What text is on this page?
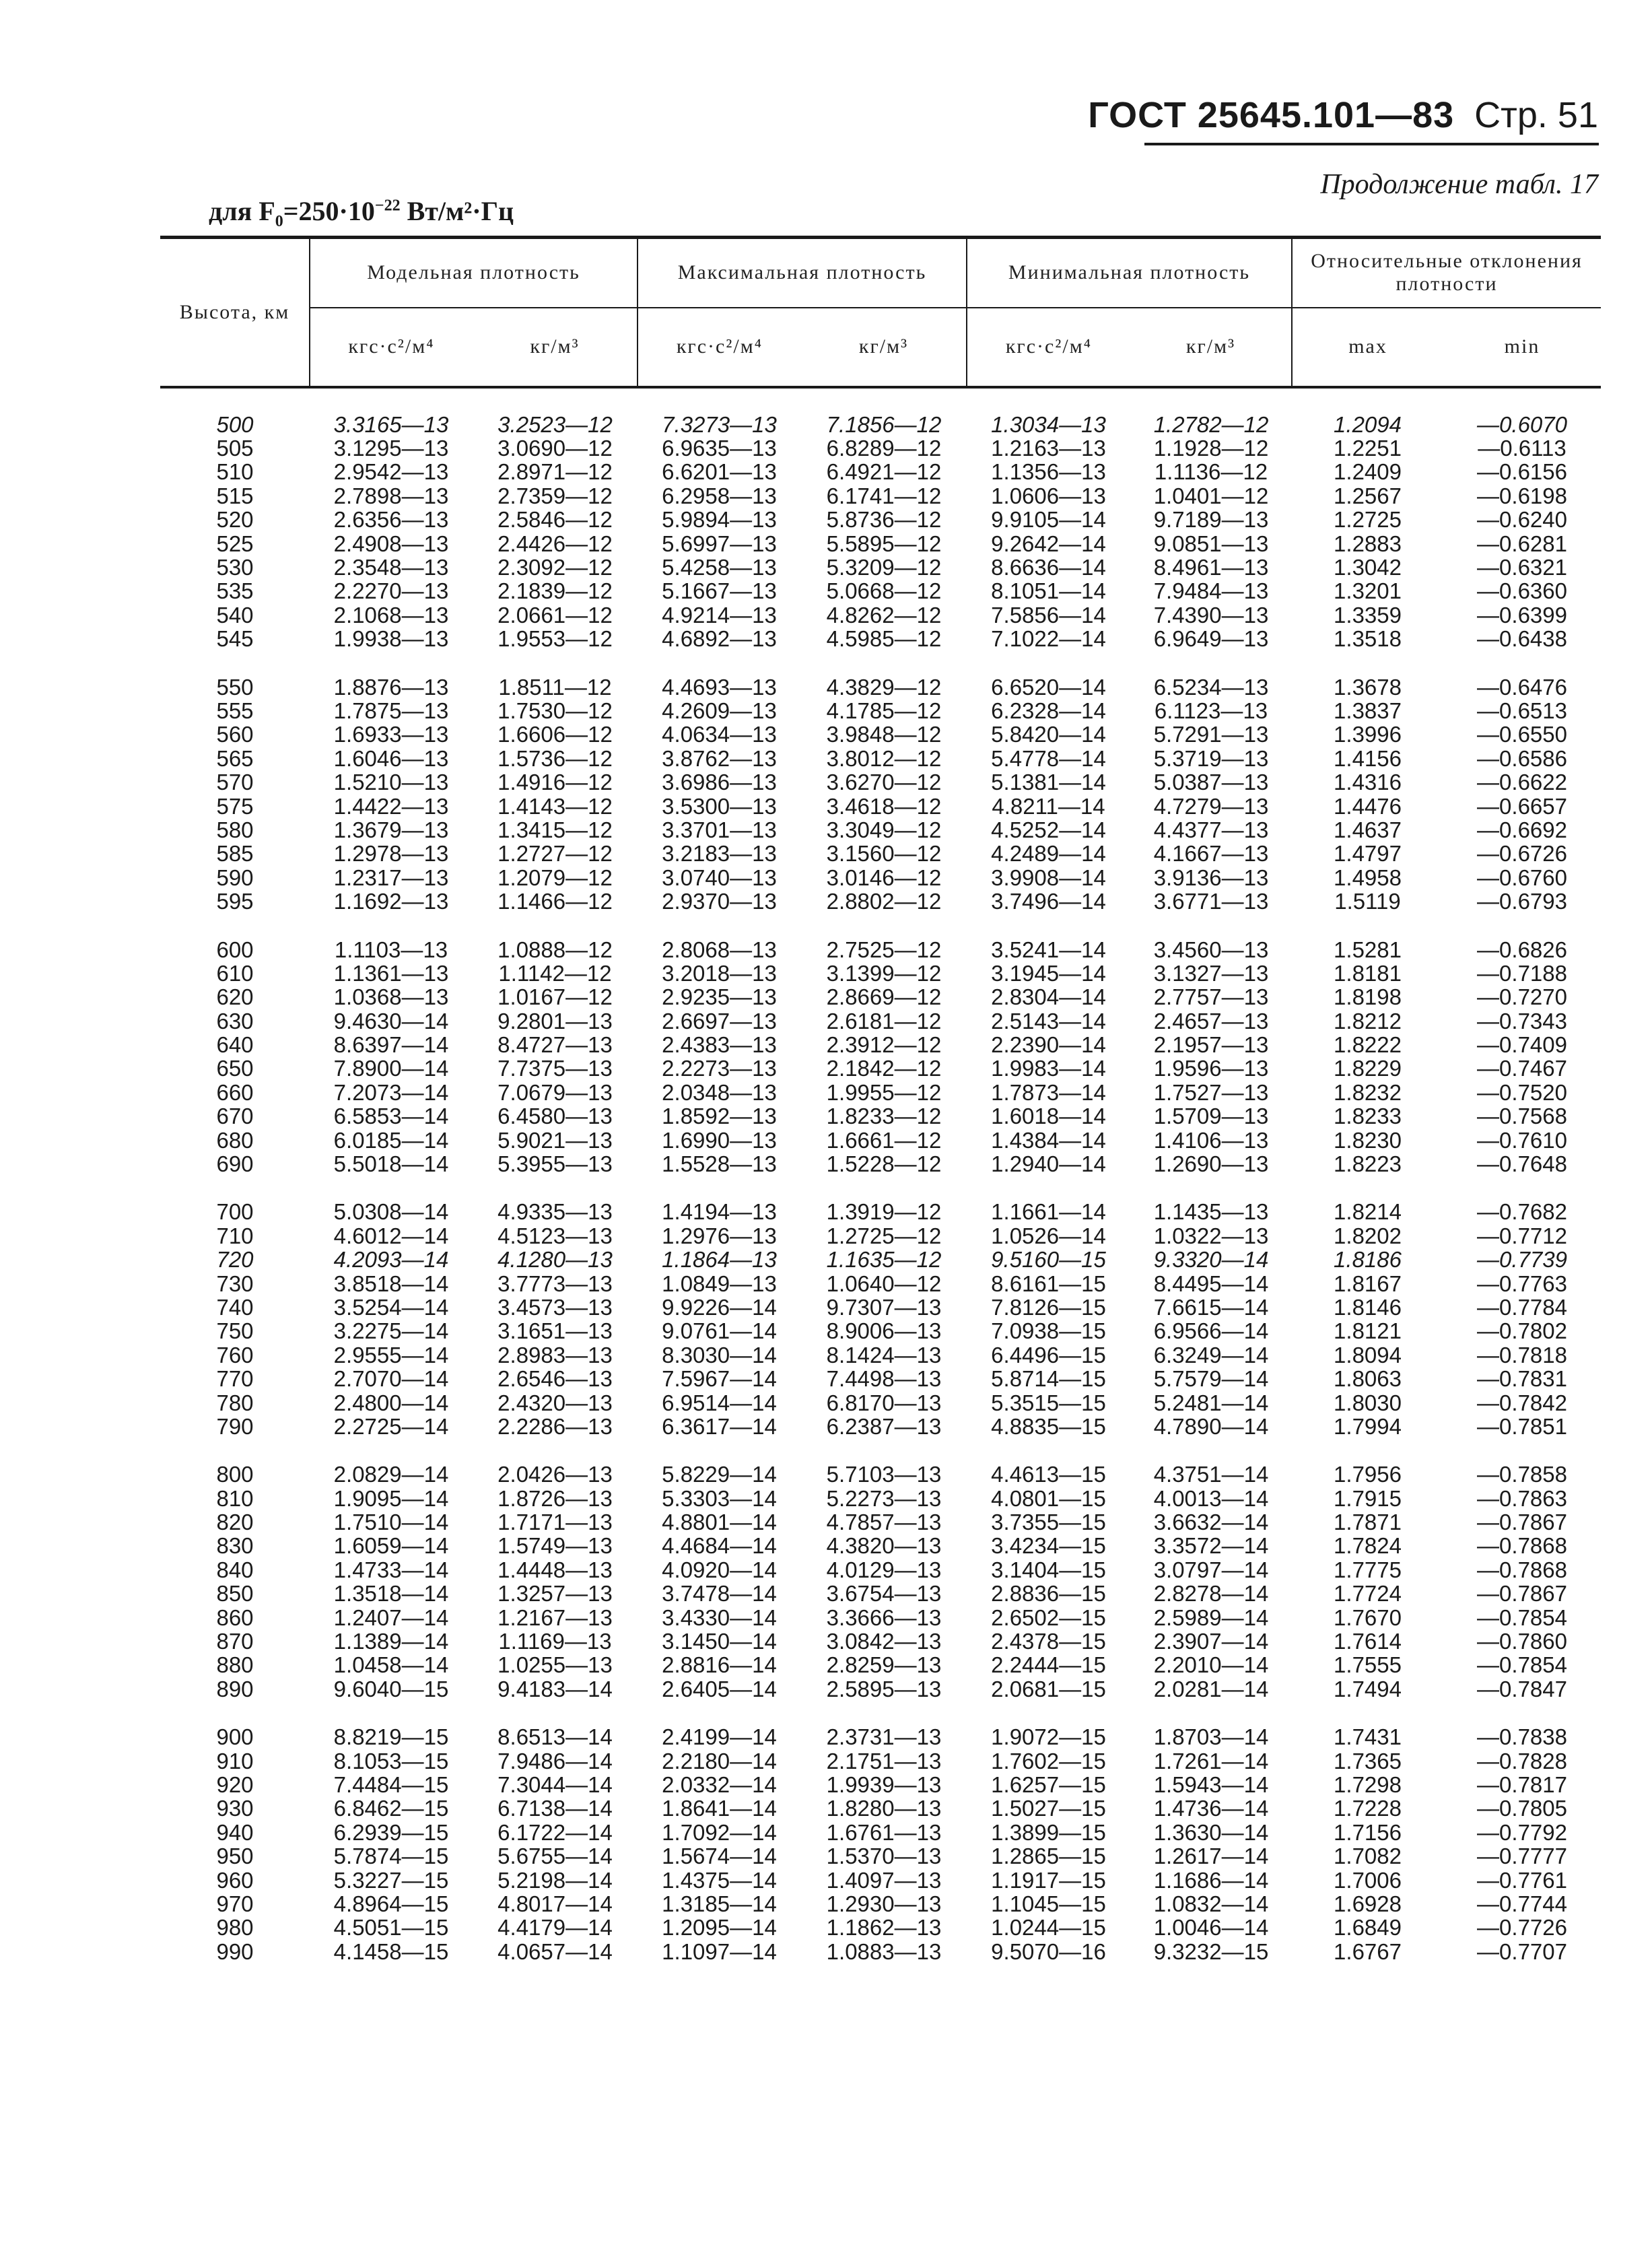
ГОСТ 25645.101—83 Стр. 51
Продолжение табл. 17
для $F_0=250\cdot 10^{-22}$ Вт/м²·Гц
Высота, км	Модельная плотность		Максимальная плотность		Минимальная плотность		Относительные отклонения плотности	
	кгс·с²/м⁴	кг/м³	кгс·с²/м⁴	кг/м³	кгс·с²/м⁴	кг/м³	max	min

500	3.3165—13	3.2523—12	7.3273—13	7.1856—12	1.3034—13	1.2782—12	1.2094	—0.6070
505	3.1295—13	3.0690—12	6.9635—13	6.8289—12	1.2163—13	1.1928—12	1.2251	—0.6113
510	2.9542—13	2.8971—12	6.6201—13	6.4921—12	1.1356—13	1.1136—12	1.2409	—0.6156
515	2.7898—13	2.7359—12	6.2958—13	6.1741—12	1.0606—13	1.0401—12	1.2567	—0.6198
520	2.6356—13	2.5846—12	5.9894—13	5.8736—12	9.9105—14	9.7189—13	1.2725	—0.6240
525	2.4908—13	2.4426—12	5.6997—13	5.5895—12	9.2642—14	9.0851—13	1.2883	—0.6281
530	2.3548—13	2.3092—12	5.4258—13	5.3209—12	8.6636—14	8.4961—13	1.3042	—0.6321
535	2.2270—13	2.1839—12	5.1667—13	5.0668—12	8.1051—14	7.9484—13	1.3201	—0.6360
540	2.1068—13	2.0661—12	4.9214—13	4.8262—12	7.5856—14	7.4390—13	1.3359	—0.6399
545	1.9938—13	1.9553—12	4.6892—13	4.5985—12	7.1022—14	6.9649—13	1.3518	—0.6438

550	1.8876—13	1.8511—12	4.4693—13	4.3829—12	6.6520—14	6.5234—13	1.3678	—0.6476
555	1.7875—13	1.7530—12	4.2609—13	4.1785—12	6.2328—14	6.1123—13	1.3837	—0.6513
560	1.6933—13	1.6606—12	4.0634—13	3.9848—12	5.8420—14	5.7291—13	1.3996	—0.6550
565	1.6046—13	1.5736—12	3.8762—13	3.8012—12	5.4778—14	5.3719—13	1.4156	—0.6586
570	1.5210—13	1.4916—12	3.6986—13	3.6270—12	5.1381—14	5.0387—13	1.4316	—0.6622
575	1.4422—13	1.4143—12	3.5300—13	3.4618—12	4.8211—14	4.7279—13	1.4476	—0.6657
580	1.3679—13	1.3415—12	3.3701—13	3.3049—12	4.5252—14	4.4377—13	1.4637	—0.6692
585	1.2978—13	1.2727—12	3.2183—13	3.1560—12	4.2489—14	4.1667—13	1.4797	—0.6726
590	1.2317—13	1.2079—12	3.0740—13	3.0146—12	3.9908—14	3.9136—13	1.4958	—0.6760
595	1.1692—13	1.1466—12	2.9370—13	2.8802—12	3.7496—14	3.6771—13	1.5119	—0.6793

600	1.1103—13	1.0888—12	2.8068—13	2.7525—12	3.5241—14	3.4560—13	1.5281	—0.6826
610	1.1361—13	1.1142—12	3.2018—13	3.1399—12	3.1945—14	3.1327—13	1.8181	—0.7188
620	1.0368—13	1.0167—12	2.9235—13	2.8669—12	2.8304—14	2.7757—13	1.8198	—0.7270
630	9.4630—14	9.2801—13	2.6697—13	2.6181—12	2.5143—14	2.4657—13	1.8212	—0.7343
640	8.6397—14	8.4727—13	2.4383—13	2.3912—12	2.2390—14	2.1957—13	1.8222	—0.7409
650	7.8900—14	7.7375—13	2.2273—13	2.1842—12	1.9983—14	1.9596—13	1.8229	—0.7467
660	7.2073—14	7.0679—13	2.0348—13	1.9955—12	1.7873—14	1.7527—13	1.8232	—0.7520
670	6.5853—14	6.4580—13	1.8592—13	1.8233—12	1.6018—14	1.5709—13	1.8233	—0.7568
680	6.0185—14	5.9021—13	1.6990—13	1.6661—12	1.4384—14	1.4106—13	1.8230	—0.7610
690	5.5018—14	5.3955—13	1.5528—13	1.5228—12	1.2940—14	1.2690—13	1.8223	—0.7648

700	5.0308—14	4.9335—13	1.4194—13	1.3919—12	1.1661—14	1.1435—13	1.8214	—0.7682
710	4.6012—14	4.5123—13	1.2976—13	1.2725—12	1.0526—14	1.0322—13	1.8202	—0.7712
720	4.2093—14	4.1280—13	1.1864—13	1.1635—12	9.5160—15	9.3320—14	1.8186	—0.7739
730	3.8518—14	3.7773—13	1.0849—13	1.0640—12	8.6161—15	8.4495—14	1.8167	—0.7763
740	3.5254—14	3.4573—13	9.9226—14	9.7307—13	7.8126—15	7.6615—14	1.8146	—0.7784
750	3.2275—14	3.1651—13	9.0761—14	8.9006—13	7.0938—15	6.9566—14	1.8121	—0.7802
760	2.9555—14	2.8983—13	8.3030—14	8.1424—13	6.4496—15	6.3249—14	1.8094	—0.7818
770	2.7070—14	2.6546—13	7.5967—14	7.4498—13	5.8714—15	5.7579—14	1.8063	—0.7831
780	2.4800—14	2.4320—13	6.9514—14	6.8170—13	5.3515—15	5.2481—14	1.8030	—0.7842
790	2.2725—14	2.2286—13	6.3617—14	6.2387—13	4.8835—15	4.7890—14	1.7994	—0.7851

800	2.0829—14	2.0426—13	5.8229—14	5.7103—13	4.4613—15	4.3751—14	1.7956	—0.7858
810	1.9095—14	1.8726—13	5.3303—14	5.2273—13	4.0801—15	4.0013—14	1.7915	—0.7863
820	1.7510—14	1.7171—13	4.8801—14	4.7857—13	3.7355—15	3.6632—14	1.7871	—0.7867
830	1.6059—14	1.5749—13	4.4684—14	4.3820—13	3.4234—15	3.3572—14	1.7824	—0.7868
840	1.4733—14	1.4448—13	4.0920—14	4.0129—13	3.1404—15	3.0797—14	1.7775	—0.7868
850	1.3518—14	1.3257—13	3.7478—14	3.6754—13	2.8836—15	2.8278—14	1.7724	—0.7867
860	1.2407—14	1.2167—13	3.4330—14	3.3666—13	2.6502—15	2.5989—14	1.7670	—0.7854
870	1.1389—14	1.1169—13	3.1450—14	3.0842—13	2.4378—15	2.3907—14	1.7614	—0.7860
880	1.0458—14	1.0255—13	2.8816—14	2.8259—13	2.2444—15	2.2010—14	1.7555	—0.7854
890	9.6040—15	9.4183—14	2.6405—14	2.5895—13	2.0681—15	2.0281—14	1.7494	—0.7847

900	8.8219—15	8.6513—14	2.4199—14	2.3731—13	1.9072—15	1.8703—14	1.7431	—0.7838
910	8.1053—15	7.9486—14	2.2180—14	2.1751—13	1.7602—15	1.7261—14	1.7365	—0.7828
920	7.4484—15	7.3044—14	2.0332—14	1.9939—13	1.6257—15	1.5943—14	1.7298	—0.7817
930	6.8462—15	6.7138—14	1.8641—14	1.8280—13	1.5027—15	1.4736—14	1.7228	—0.7805
940	6.2939—15	6.1722—14	1.7092—14	1.6761—13	1.3899—15	1.3630—14	1.7156	—0.7792
950	5.7874—15	5.6755—14	1.5674—14	1.5370—13	1.2865—15	1.2617—14	1.7082	—0.7777
960	5.3227—15	5.2198—14	1.4375—14	1.4097—13	1.1917—15	1.1686—14	1.7006	—0.7761
970	4.8964—15	4.8017—14	1.3185—14	1.2930—13	1.1045—15	1.0832—14	1.6928	—0.7744
980	4.5051—15	4.4179—14	1.2095—14	1.1862—13	1.0244—15	1.0046—14	1.6849	—0.7726
990	4.1458—15	4.0657—14	1.1097—14	1.0883—13	9.5070—16	9.3232—15	1.6767	—0.7707
